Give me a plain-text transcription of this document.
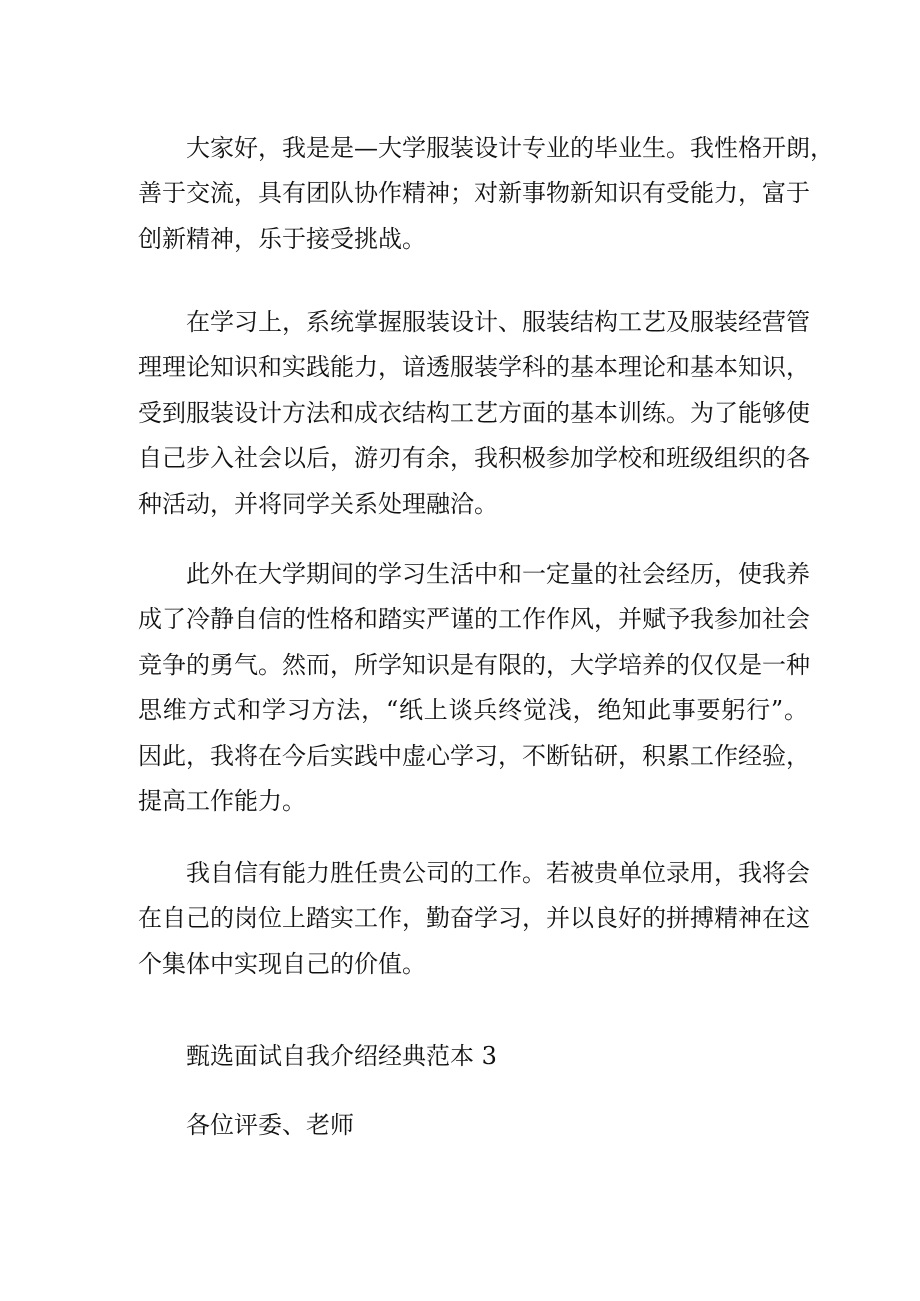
大家好，我是是—大学服装设计专业的毕业生。我性格开朗，
善于交流，具有团队协作精神；对新事物新知识有受能力，富于
创新精神，乐于接受挑战。

在学习上，系统掌握服装设计、服装结构工艺及服装经营管
理理论知识和实践能力，谙透服装学科的基本理论和基本知识，
受到服装设计方法和成衣结构工艺方面的基本训练。为了能够使
自己步入社会以后，游刃有余，我积极参加学校和班级组织的各
种活动，并将同学关系处理融洽。

此外在大学期间的学习生活中和一定量的社会经历，使我养
成了冷静自信的性格和踏实严谨的工作作风，并赋予我参加社会
竞争的勇气。然而，所学知识是有限的，大学培养的仅仅是一种
思维方式和学习方法，“纸上谈兵终觉浅，绝知此事要躬行”。
因此，我将在今后实践中虚心学习，不断钻研，积累工作经验，
提高工作能力。

我自信有能力胜任贵公司的工作。若被贵单位录用，我将会
在自己的岗位上踏实工作，勤奋学习，并以良好的拼搏精神在这
个集体中实现自己的价值。

甄选面试自我介绍经典范本 3

各位评委、老师
